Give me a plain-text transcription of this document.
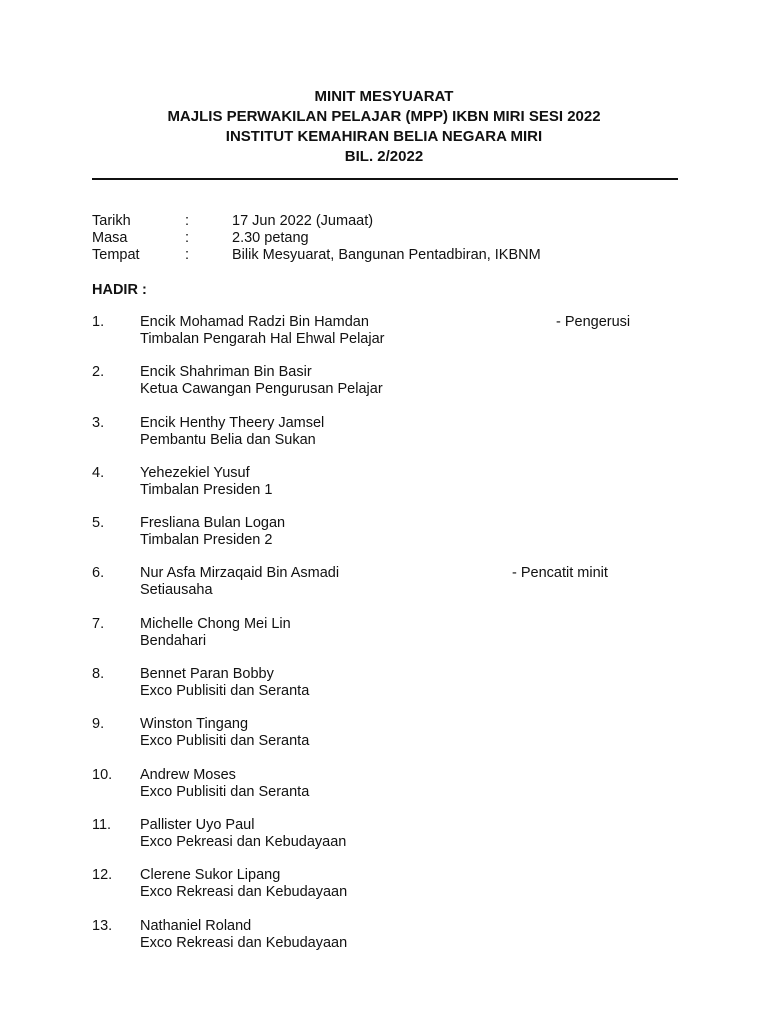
MINIT MESYUARAT
MAJLIS PERWAKILAN PELAJAR (MPP) IKBN MIRI SESI 2022
INSTITUT KEMAHIRAN BELIA NEGARA MIRI
BIL. 2/2022
Tarikh	:	17 Jun 2022 (Jumaat)
Masa	:	2.30 petang
Tempat	:	Bilik Mesyuarat, Bangunan Pentadbiran, IKBNM
HADIR :
1. Encik Mohamad Radzi Bin Hamdan	- Pengerusi
Timbalan Pengarah Hal Ehwal Pelajar
2. Encik Shahriman Bin Basir
Ketua Cawangan Pengurusan Pelajar
3. Encik Henthy Theery Jamsel
Pembantu Belia dan Sukan
4. Yehezekiel Yusuf
Timbalan Presiden 1
5. Fresliana Bulan Logan
Timbalan Presiden 2
6. Nur Asfa Mirzaqaid Bin Asmadi	- Pencatit minit
Setiausaha
7. Michelle Chong Mei Lin
Bendahari
8. Bennet Paran Bobby
Exco Publisiti dan Seranta
9. Winston Tingang
Exco Publisiti dan Seranta
10. Andrew Moses
Exco Publisiti dan Seranta
11. Pallister Uyo Paul
Exco Pekreasi dan Kebudayaan
12. Clerene Sukor Lipang
Exco Rekreasi dan Kebudayaan
13. Nathaniel Roland
Exco Rekreasi dan Kebudayaan
